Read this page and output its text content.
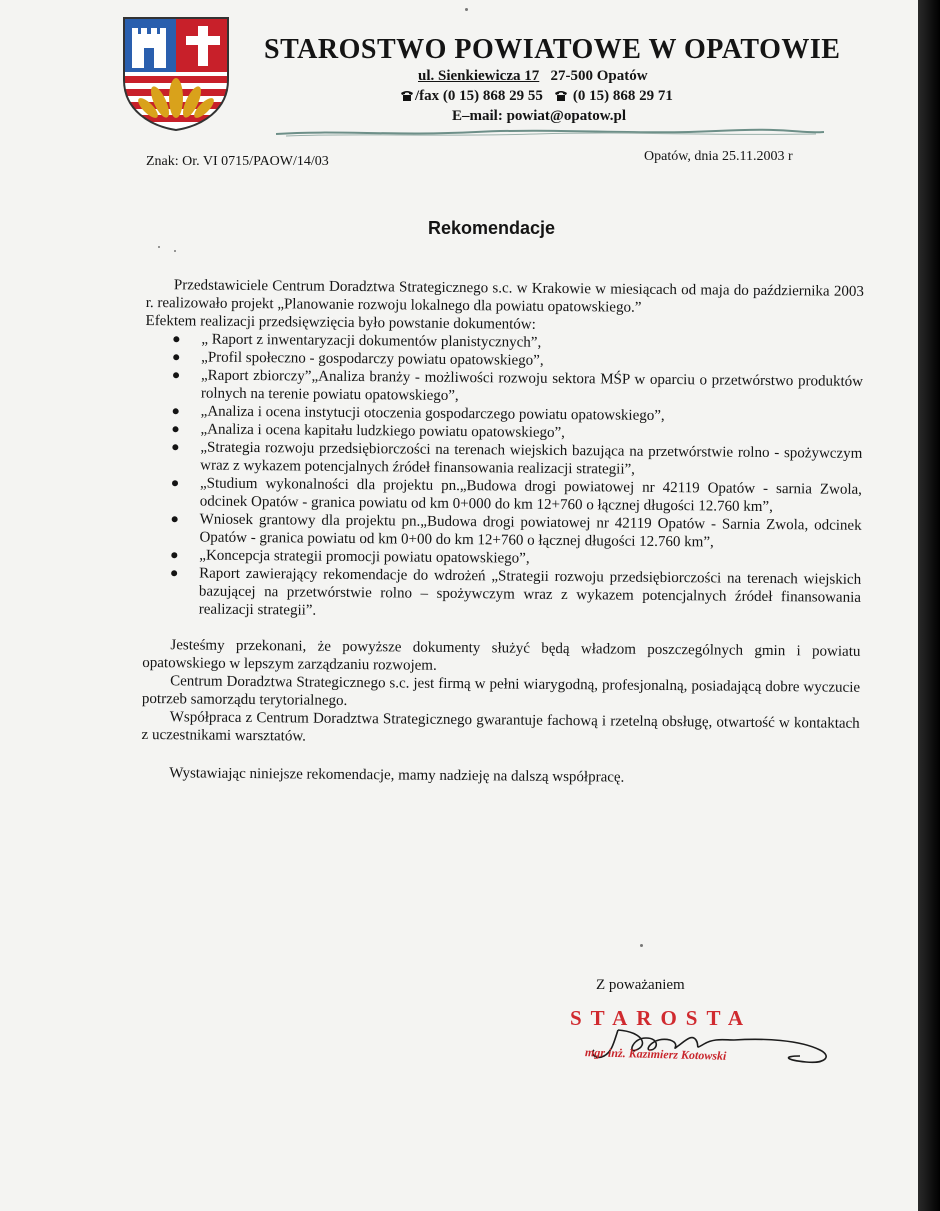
STAROSTWO POWIATOWE W OPATOWIE
ul. Sienkiewicza 17 27-500 Opatów
/fax (0 15) 868 29 55 (0 15) 868 29 71
E–mail: powiat@opatow.pl
Znak: Or. VI 0715/PAOW/14/03	Opatów, dnia 25.11.2003 r
Rekomendacje

Przedstawiciele Centrum Doradztwa Strategicznego s.c. w Krakowie w miesiącach od maja do października 2003 r. realizowało projekt „Planowanie rozwoju lokalnego dla powiatu opatowskiego.”

Efektem realizacji przedsięwzięcia było powstanie dokumentów:

„ Raport z inwentaryzacji dokumentów planistycznych”,
„Profil społeczno - gospodarczy powiatu opatowskiego”,
„Raport zbiorczy”„Analiza branży - możliwości rozwoju sektora MŚP w oparciu o przetwórstwo produktów rolnych na terenie powiatu opatowskiego”,
„Analiza i ocena instytucji otoczenia gospodarczego powiatu opatowskiego”,
„Analiza i ocena kapitału ludzkiego powiatu opatowskiego”,
„Strategia rozwoju przedsiębiorczości na terenach wiejskich bazująca na przetwórstwie rolno - spożywczym wraz z wykazem potencjalnych źródeł finansowania realizacji strategii”,
„Studium wykonalności dla projektu pn.„Budowa drogi powiatowej nr 42119 Opatów - sarnia Zwola, odcinek Opatów - granica powiatu od km 0+000 do km 12+760 o łącznej długości 12.760 km”,
Wniosek grantowy dla projektu pn.„Budowa drogi powiatowej nr 42119 Opatów - Sarnia Zwola, odcinek Opatów - granica powiatu od km 0+00 do km 12+760 o łącznej długości 12.760 km”,
„Koncepcja strategii promocji powiatu opatowskiego”,
Raport zawierający rekomendacje do wdrożeń „Strategii rozwoju przedsiębiorczości na terenach wiejskich bazującej na przetwórstwie rolno – spożywczym wraz z wykazem potencjalnych źródeł finansowania realizacji strategii”.

Jesteśmy przekonani, że powyższe dokumenty służyć będą władzom poszczególnych gmin i powiatu opatowskiego w lepszym zarządzaniu rozwojem.

Centrum Doradztwa Strategicznego s.c. jest firmą w pełni wiarygodną, profesjonalną, posiadającą dobre wyczucie potrzeb samorządu terytorialnego.

Współpraca z Centrum Doradztwa Strategicznego gwarantuje fachową i rzetelną obsługę, otwartość w kontaktach z uczestnikami warsztatów.

Wystawiając niniejsze rekomendacje, mamy nadzieję na dalszą współpracę.

Z poważaniem
STAROSTA
mgr inż. Kazimierz Kotowski
